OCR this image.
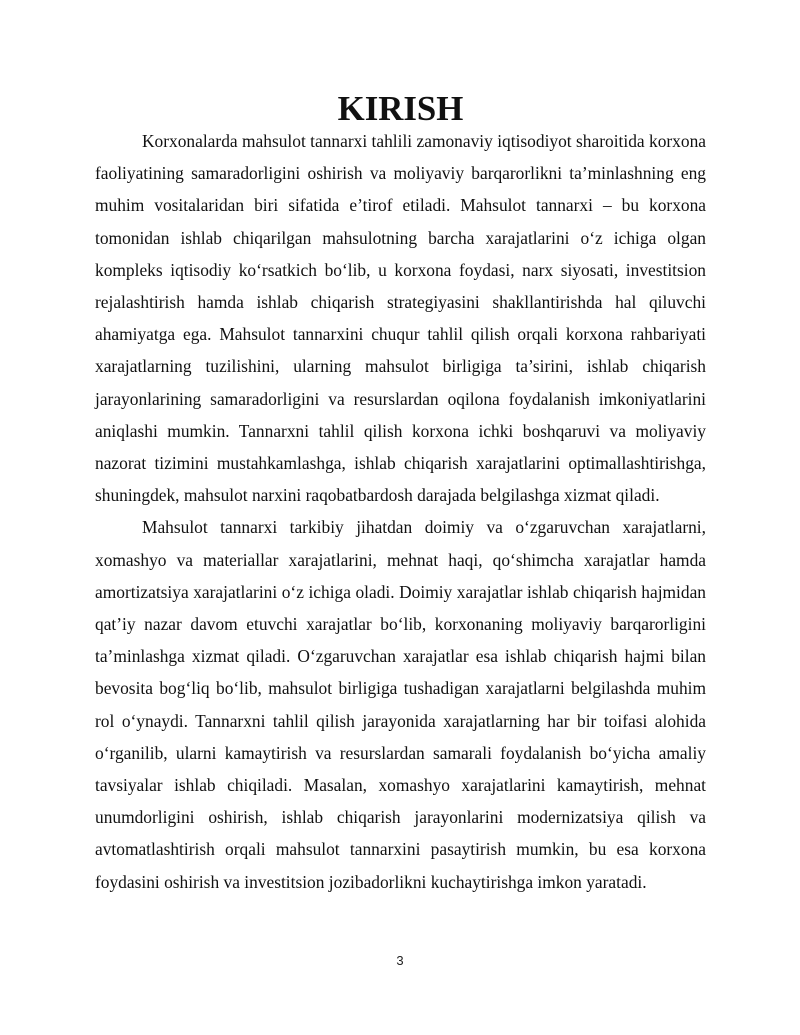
KIRISH

Korxonalarda mahsulot tannarxi tahlili zamonaviy iqtisodiyot sharoitida korxona faoliyatining samaradorligini oshirish va moliyaviy barqarorlikni ta’minlashning eng muhim vositalaridan biri sifatida e’tirof etiladi. Mahsulot tannarxi – bu korxona tomonidan ishlab chiqarilgan mahsulotning barcha xarajatlarini o‘z ichiga olgan kompleks iqtisodiy ko‘rsatkich bo‘lib, u korxona foydasi, narx siyosati, investitsion rejalashtirish hamda ishlab chiqarish strategiyasini shakllantirishda hal qiluvchi ahamiyatga ega. Mahsulot tannarxini chuqur tahlil qilish orqali korxona rahbariyati xarajatlarning tuzilishini, ularning mahsulot birligiga ta’sirini, ishlab chiqarish jarayonlarining samaradorligini va resurslardan oqilona foydalanish imkoniyatlarini aniqlashi mumkin. Tannarxni tahlil qilish korxona ichki boshqaruvi va moliyaviy nazorat tizimini mustahkamlashga, ishlab chiqarish xarajatlarini optimallashtirishga, shuningdek, mahsulot narxini raqobatbardosh darajada belgilashga xizmat qiladi.

Mahsulot tannarxi tarkibiy jihatdan doimiy va o‘zgaruvchan xarajatlarni, xomashyo va materiallar xarajatlarini, mehnat haqi, qo‘shimcha xarajatlar hamda amortizatsiya xarajatlarini o‘z ichiga oladi. Doimiy xarajatlar ishlab chiqarish hajmidan qat’iy nazar davom etuvchi xarajatlar bo‘lib, korxonaning moliyaviy barqarorligini ta’minlashga xizmat qiladi. O‘zgaruvchan xarajatlar esa ishlab chiqarish hajmi bilan bevosita bog‘liq bo‘lib, mahsulot birligiga tushadigan xarajatlarni belgilashda muhim rol o‘ynaydi. Tannarxni tahlil qilish jarayonida xarajatlarning har bir toifasi alohida o‘rganilib, ularni kamaytirish va resurslardan samarali foydalanish bo‘yicha amaliy tavsiyalar ishlab chiqiladi. Masalan, xomashyo xarajatlarini kamaytirish, mehnat unumdorligini oshirish, ishlab chiqarish jarayonlarini modernizatsiya qilish va avtomatlashtirish orqali mahsulot tannarxini pasaytirish mumkin, bu esa korxona foydasini oshirish va investitsion jozibadorlikni kuchaytirishga imkon yaratadi.

3
